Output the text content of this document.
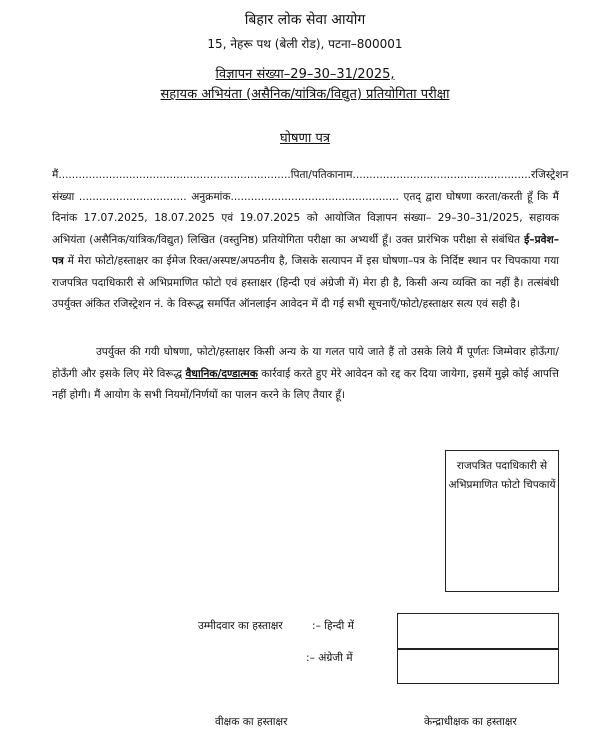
बिहार लोक सेवा आयोग
15, नेहरू पथ (बेली रोड), पटना–800001
विज्ञापन संख्या–29–30–31/2025,
सहायक अभियंता (असैनिक/यांत्रिक/विद्युत) प्रतियोगिता परीक्षा
घोषणा पत्र
मैं..................................................................... पिता/पति का नाम..................................................... रजिस्ट्रेशन

संख्या ................................ अनुक्रमांक.................................................. एतद् द्वारा घोषणा करता/करती हूँ कि मैं दिनांक 17.07.2025, 18.07.2025 एवं 19.07.2025 को आयोजित विज्ञापन संख्या– 29–30–31/2025, सहायक अभियंता (असैनिक/यांत्रिक/विद्युत) लिखित (वस्तुनिष्ठ) प्रतियोगिता परीक्षा का अभ्यर्थी हूँ। उक्त प्रारंभिक परीक्षा से संबंधित ई–प्रवेश–पत्र में मेरा फोटो/हस्ताक्षर का ईमेज रिक्त/अस्पष्ट/अपठनीय है, जिसके सत्यापन में इस घोषणा–पत्र के निर्दिष्ट स्थान पर चिपकाया गया राजपत्रित पदाधिकारी से अभिप्रमाणित फोटो एवं हस्ताक्षर (हिन्दी एवं अंग्रेजी में) मेरा ही है, किसी अन्य व्यक्ति का नहीं है। तत्संबंधी उपर्युक्त अंकित रजिस्ट्रेशन नं. के विरूद्ध समर्पित ऑनलाईन आवेदन में दी गई सभी सूचनाएँ/फोटो/हस्ताक्षर सत्य एवं सही है।

उपर्युक्त की गयी घोषणा, फोटो/हस्ताक्षर किसी अन्य के या गलत पाये जाते हैं तो उसके लिये मैं पूर्णतः जिम्मेवार होऊँगा/होऊँगी और इसके लिए मेरे विरूद्ध वैधानिक/दण्डात्मक कार्रवाई करते हुए मेरे आवेदन को रद्द कर दिया जायेगा, इसमें मुझे कोई आपत्ति नहीं होगी। मैं आयोग के सभी नियमों/निर्णयों का पालन करने के लिए तैयार हूँ।
राजपत्रित पदाधिकारी से अभिप्रमाणित फोटो चिपकायें
उम्मीदवार का हस्ताक्षर	:– हिन्दी में
:– अंग्रेजी में
वीक्षक का हस्ताक्षर	केन्द्राधीक्षक का हस्ताक्षर
